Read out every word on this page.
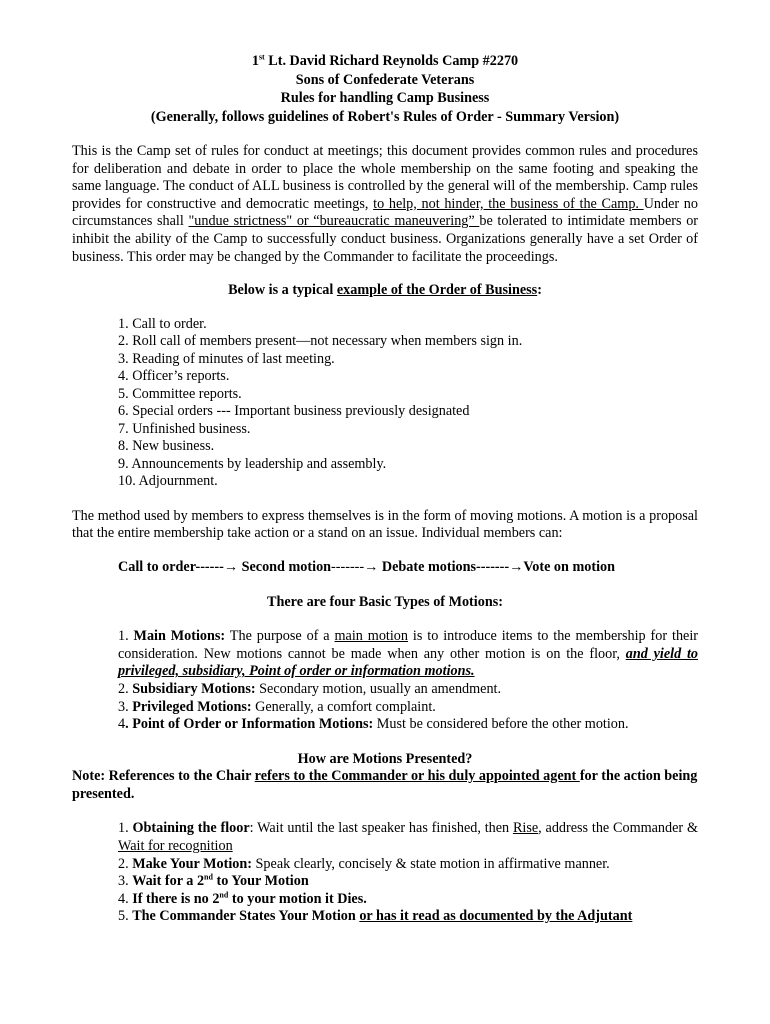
1st Lt. David Richard Reynolds Camp #2270
Sons of Confederate Veterans
Rules for handling Camp Business
(Generally, follows guidelines of Robert's Rules of Order - Summary Version)

This is the Camp set of rules for conduct at meetings; this document provides common rules and procedures for deliberation and debate in order to place the whole membership on the same footing and speaking the same language. The conduct of ALL business is controlled by the general will of the membership. Camp rules provides for constructive and democratic meetings, to help, not hinder, the business of the Camp. Under no circumstances shall "undue strictness" or “bureaucratic maneuvering” be tolerated to intimidate members or inhibit the ability of the Camp to successfully conduct business. Organizations generally have a set Order of business. This order may be changed by the Commander to facilitate the proceedings.

Below is a typical example of the Order of Business:

1. Call to order.
2. Roll call of members present—not necessary when members sign in.
3. Reading of minutes of last meeting.
4. Officer’s reports.
5. Committee reports.
6. Special orders --- Important business previously designated
7. Unfinished business.
8. New business.
9. Announcements by leadership and assembly.
10. Adjournment.

The method used by members to express themselves is in the form of moving motions. A motion is a proposal that the entire membership take action or a stand on an issue. Individual members can:

Call to order------→ Second motion-------→ Debate motions-------→Vote on motion

There are four Basic Types of Motions:

1. Main Motions: The purpose of a main motion is to introduce items to the membership for their consideration. New motions cannot be made when any other motion is on the floor, and yield to privileged, subsidiary, Point of order or information motions.

2. Subsidiary Motions: Secondary motion, usually an amendment.

3. Privileged Motions: Generally, a comfort complaint.

4. Point of Order or Information Motions: Must be considered before the other motion.

How are Motions Presented?

Note: References to the Chair refers to the Commander or his duly appointed agent for the action being presented.

1. Obtaining the floor: Wait until the last speaker has finished, then Rise, address the Commander & Wait for recognition

2. Make Your Motion: Speak clearly, concisely & state motion in affirmative manner.

3. Wait for a 2nd to Your Motion

4. If there is no 2nd to your motion it Dies.

5. The Commander States Your Motion or has it read as documented by the Adjutant
